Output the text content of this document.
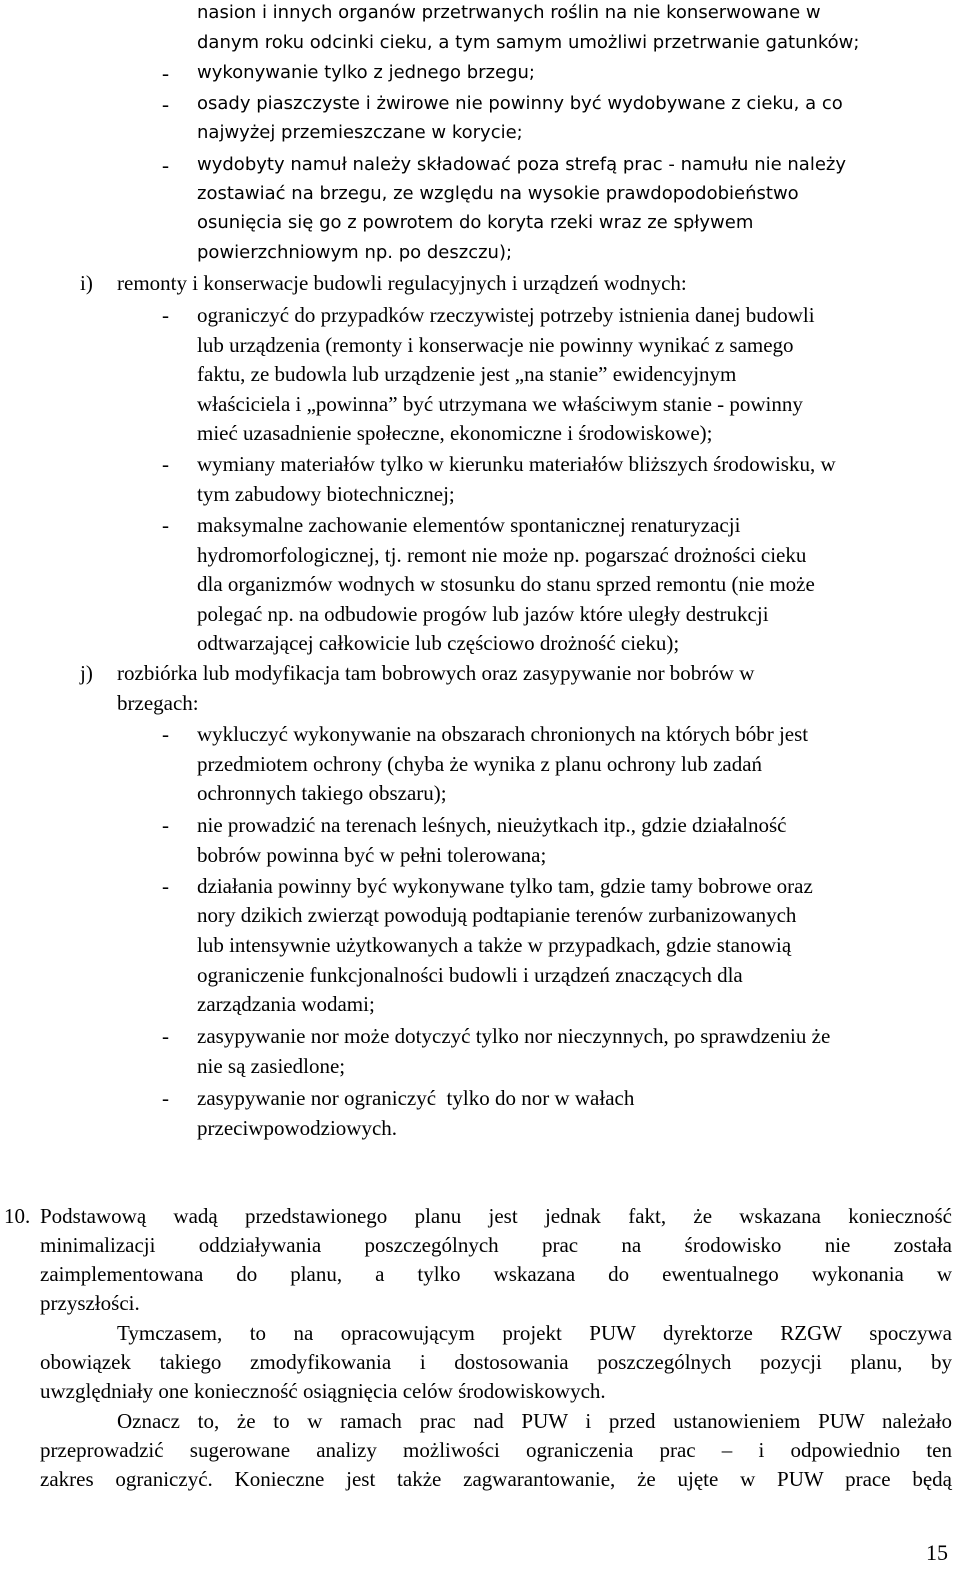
nasion i innych organów przetrwanych roślin na nie konserwowane w
danym roku odcinki cieku, a tym samym umożliwi przetrwanie gatunków;
- wykonywanie tylko z jednego brzegu;
- osady piaszczyste i żwirowe nie powinny być wydobywane z cieku, a co
najwyżej przemieszczane w korycie;
- wydobyty namuł należy składować poza strefą prac - namułu nie należy
zostawiać na brzegu, ze względu na wysokie prawdopodobieństwo
osunięcia się go z powrotem do koryta rzeki wraz ze spływem
powierzchniowym np. po deszczu);
i) remonty i konserwacje budowli regulacyjnych i urządzeń wodnych:
- ograniczyć do przypadków rzeczywistej potrzeby istnienia danej budowli
lub urządzenia (remonty i konserwacje nie powinny wynikać z samego
faktu, ze budowla lub urządzenie jest „na stanie” ewidencyjnym
właściciela i „powinna” być utrzymana we właściwym stanie - powinny
mieć uzasadnienie społeczne, ekonomiczne i środowiskowe);
- wymiany materiałów tylko w kierunku materiałów bliższych środowisku, w
tym zabudowy biotechnicznej;
- maksymalne zachowanie elementów spontanicznej renaturyzacji
hydromorfologicznej, tj. remont nie może np. pogarszać drożności cieku
dla organizmów wodnych w stosunku do stanu sprzed remontu (nie może
polegać np. na odbudowie progów lub jazów które uległy destrukcji
odtwarzającej całkowicie lub częściowo drożność cieku);
j) rozbiórka lub modyfikacja tam bobrowych oraz zasypywanie nor bobrów w
brzegach:
- wykluczyć wykonywanie na obszarach chronionych na których bóbr jest
przedmiotem ochrony (chyba że wynika z planu ochrony lub zadań
ochronnych takiego obszaru);
- nie prowadzić na terenach leśnych, nieużytkach itp., gdzie działalność
bobrów powinna być w pełni tolerowana;
- działania powinny być wykonywane tylko tam, gdzie tamy bobrowe oraz
nory dzikich zwierząt powodują podtapianie terenów zurbanizowanych
lub intensywnie użytkowanych a także w przypadkach, gdzie stanowią
ograniczenie funkcjonalności budowli i urządzeń znaczących dla
zarządzania wodami;
- zasypywanie nor może dotyczyć tylko nor nieczynnych, po sprawdzeniu że
nie są zasiedlone;
- zasypywanie nor ograniczyć  tylko do nor w wałach
przeciwpowodziowych.
10. Podstawową wadą przedstawionego planu jest jednak fakt, że wskazana konieczność
minimalizacji oddziaływania poszczególnych prac na środowisko nie została
zaimplementowana do planu, a tylko wskazana do ewentualnego wykonania w
przyszłości.
Tymczasem, to na opracowującym projekt PUW dyrektorze RZGW spoczywa
obowiązek takiego zmodyfikowania i dostosowania poszczególnych pozycji planu, by
uwzględniały one konieczność osiągnięcia celów środowiskowych.
Oznacz to, że to w ramach prac nad PUW i przed ustanowieniem PUW należało
przeprowadzić sugerowane analizy możliwości ograniczenia prac – i odpowiednio ten
zakres ograniczyć. Konieczne jest także zagwarantowanie, że ujęte w PUW prace będą
15
